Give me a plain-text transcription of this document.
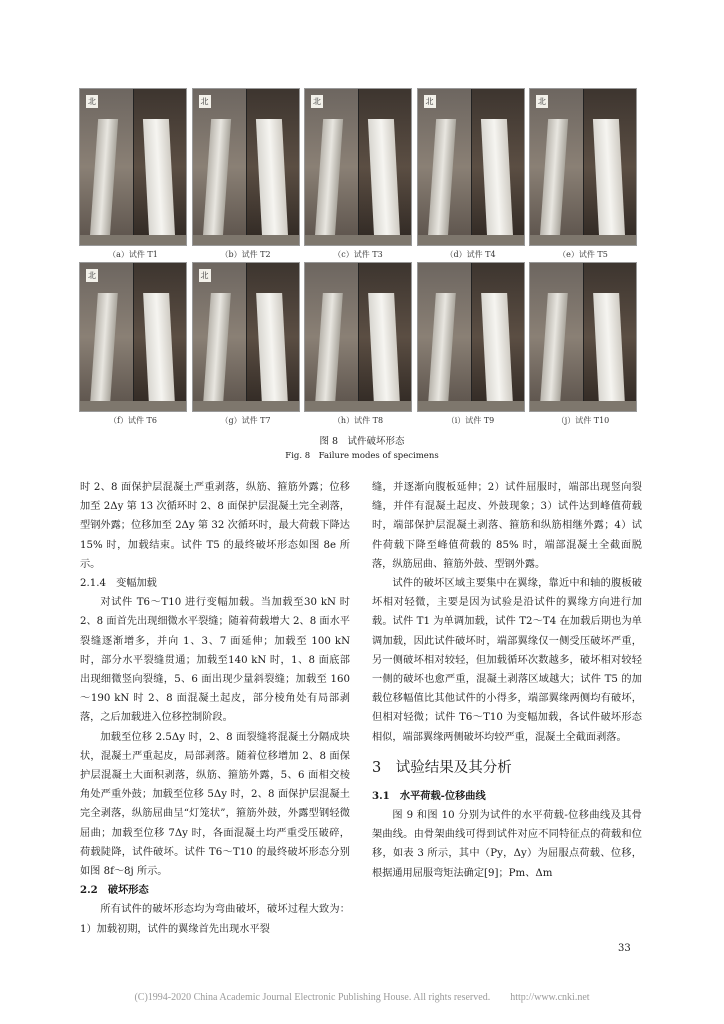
北
（a）试件 T1
北
（b）试件 T2
北
（c）试件 T3
北
（d）试件 T4
北
（e）试件 T5
北
（f）试件 T6
北
（g）试件 T7	（h）试件 T8	（i）试件 T9	（j）试件 T10
图 8　试件破坏形态
Fig. 8　Failure modes of specimens

时 2、8 面保护层混凝土严重剥落，纵筋、箍筋外露；位移加至 2Δy 第 13 次循环时 2、8 面保护层混凝土完全剥落，型钢外露；位移加至 2Δy 第 32 次循环时，最大荷载下降达 15% 时，加载结束。试件 T5 的最终破坏形态如图 8e 所示。

2.1.4　变幅加载

对试件 T6～T10 进行变幅加载。当加载至30 kN 时 2、8 面首先出现细微水平裂缝；随着荷载增大 2、8 面水平裂缝逐渐增多，并向 1、3、7 面延伸；加载至 100 kN 时，部分水平裂缝贯通；加载至140 kN 时，1、8 面底部出现细微竖向裂缝，5、6 面出现少量斜裂缝；加载至 160～190 kN 时 2、8 面混凝土起皮，部分棱角处有局部剥落，之后加载进入位移控制阶段。

加载至位移 2.5Δy 时，2、8 面裂缝将混凝土分隔成块状，混凝土严重起皮，局部剥落。随着位移增加 2、8 面保护层混凝土大面积剥落，纵筋、箍筋外露，5、6 面相交棱角处严重外鼓；加载至位移 5Δy 时，2、8 面保护层混凝土完全剥落，纵筋屈曲呈“灯笼状”，箍筋外鼓，外露型钢轻微屈曲；加载至位移 7Δy 时，各面混凝土均严重受压破碎，荷载陡降，试件破坏。试件 T6～T10 的最终破坏形态分别如图 8f～8j 所示。

2.2　破坏形态

所有试件的破坏形态均为弯曲破坏，破坏过程大致为：1）加载初期，试件的翼缘首先出现水平裂

缝，并逐渐向腹板延伸；2）试件屈服时，端部出现竖向裂缝，并伴有混凝土起皮、外鼓现象；3）试件达到峰值荷载时，端部保护层混凝土剥落、箍筋和纵筋相继外露；4）试件荷载下降至峰值荷载的 85% 时，端部混凝土全截面脱落，纵筋屈曲、箍筋外鼓、型钢外露。

试件的破坏区域主要集中在翼缘，靠近中和轴的腹板破坏相对轻微，主要是因为试验是沿试件的翼缘方向进行加载。试件 T1 为单调加载，试件 T2～T4 在加载后期也为单调加载，因此试件破坏时，端部翼缘仅一侧受压破坏严重，另一侧破坏相对较轻，但加载循环次数越多，破坏相对较轻一侧的破坏也愈严重，混凝土剥落区域越大；试件 T5 的加载位移幅值比其他试件的小得多，端部翼缘两侧均有破坏，但相对轻微；试件 T6～T10 为变幅加载，各试件破坏形态相似，端部翼缘两侧破坏均较严重，混凝土全截面剥落。

3　试验结果及其分析
3.1　水平荷载-位移曲线

图 9 和图 10 分别为试件的水平荷载-位移曲线及其骨架曲线。由骨架曲线可得到试件对应不同特征点的荷载和位移，如表 3 所示，其中（Py，Δy）为屈服点荷载、位移，根据通用屈服弯矩法确定[9]；Pm、Δm

33
(C)1994-2020 China Academic Journal Electronic Publishing House. All rights reserved.　　http://www.cnki.net
